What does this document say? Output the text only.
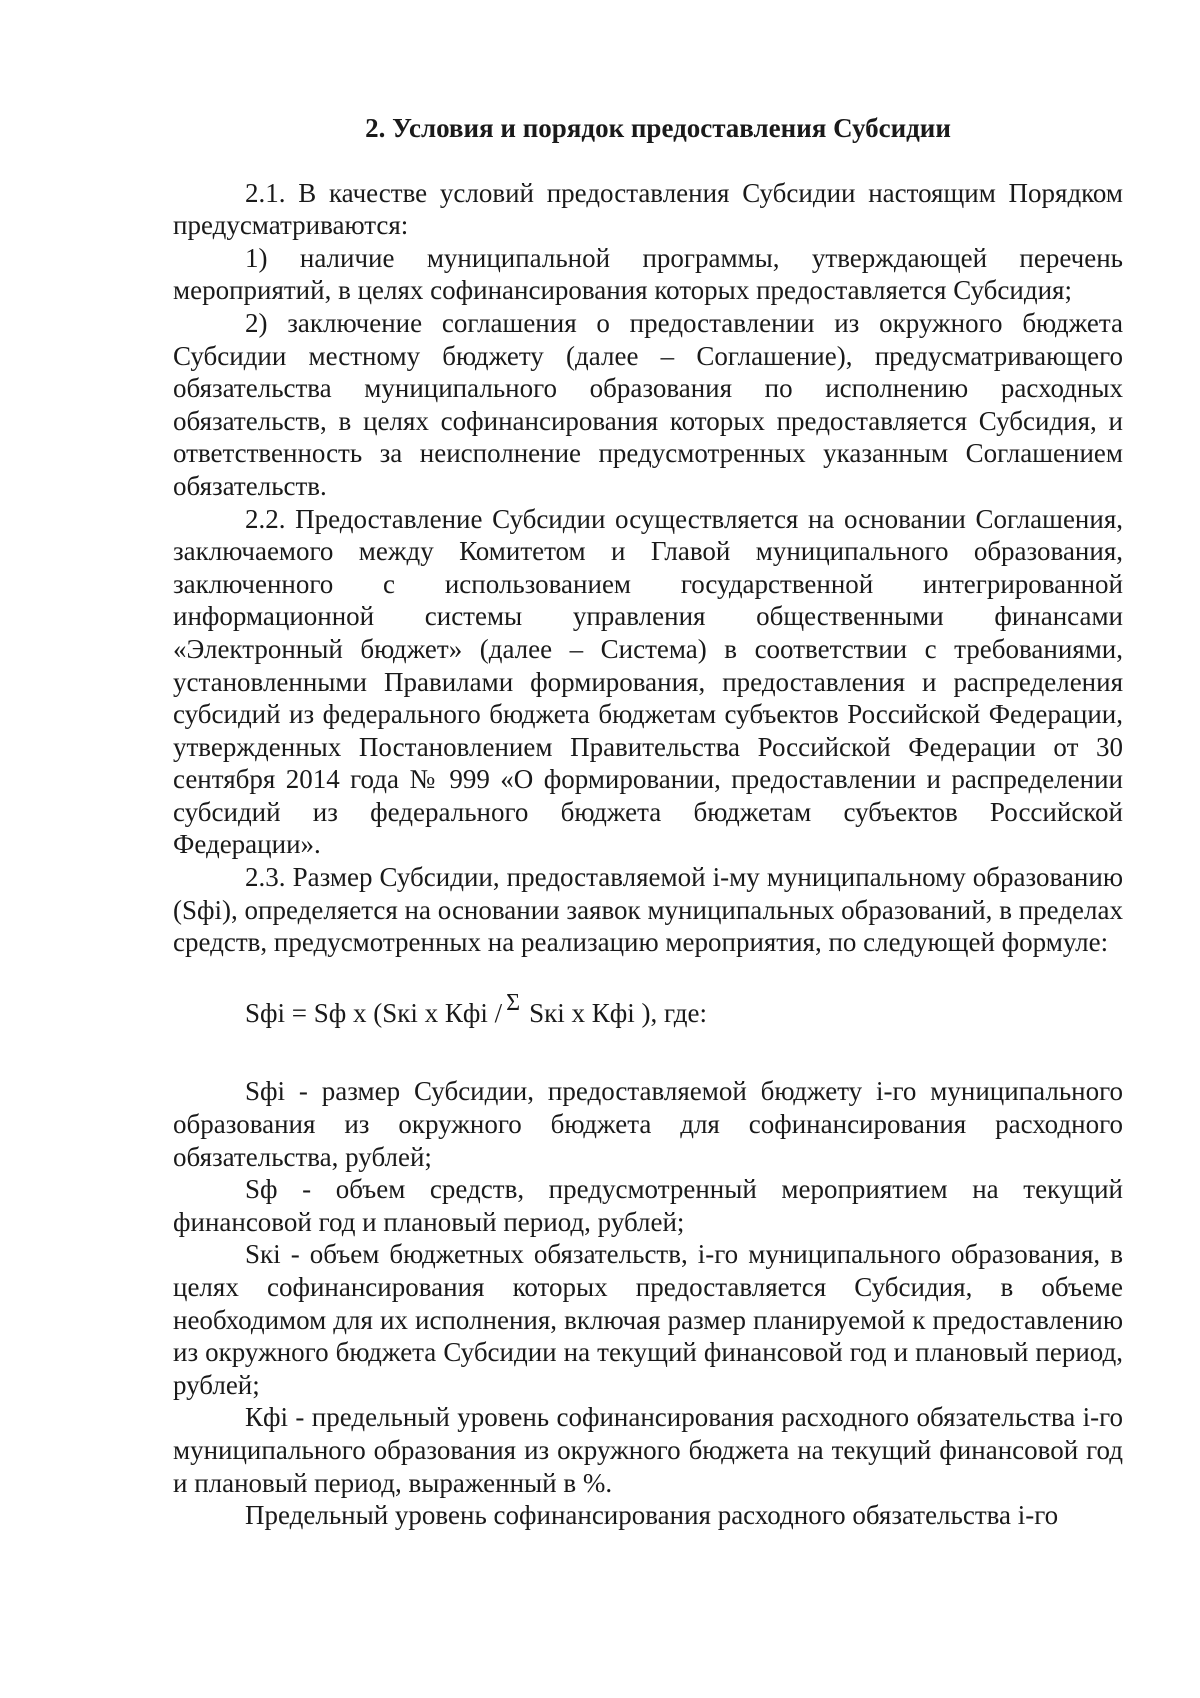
2. Условия и порядок предоставления Субсидии

2.1. В качестве условий предоставления Субсидии настоящим Порядком предусматриваются:

1) наличие муниципальной программы, утверждающей перечень мероприятий, в целях софинансирования которых предоставляется Субсидия;

2) заключение соглашения о предоставлении из окружного бюджета Субсидии местному бюджету (далее – Соглашение), предусматривающего обязательства муниципального образования по исполнению расходных обязательств, в целях софинансирования которых предоставляется Субсидия, и ответственность за неисполнение предусмотренных указанным Соглашением обязательств.

2.2. Предоставление Субсидии осуществляется на основании Соглашения, заключаемого между Комитетом и Главой муниципального образования, заключенного с использованием государственной интегрированной информационной системы управления общественными финансами «Электронный бюджет» (далее – Система) в соответствии с требованиями, установленными Правилами формирования, предоставления и распределения субсидий из федерального бюджета бюджетам субъектов Российской Федерации, утвержденных Постановлением Правительства Российской Федерации от 30 сентября 2014 года № 999 «О формировании, предоставлении и распределении субсидий из федерального бюджета бюджетам субъектов Российской Федерации».

2.3. Размер Субсидии, предоставляемой i-му муниципальному образованию (Sфi), определяется на основании заявок муниципальных образований, в пределах средств, предусмотренных на реализацию мероприятия, по следующей формуле:

Sфi = Sф x (Sкi x Кфi / Σ Sкi x Кфi ), где:

Sфi - размер Субсидии, предоставляемой бюджету i-го муниципального образования из окружного бюджета для софинансирования расходного обязательства, рублей;

Sф - объем средств, предусмотренный мероприятием на текущий финансовой год и плановый период, рублей;

Sкi - объем бюджетных обязательств, i-го муниципального образования, в целях софинансирования которых предоставляется Субсидия, в объеме необходимом для их исполнения, включая размер планируемой к предоставлению из окружного бюджета Субсидии на текущий финансовой год и плановый период, рублей;

Кфi - предельный уровень софинансирования расходного обязательства i-го муниципального образования из окружного бюджета на текущий финансовой год и плановый период, выраженный в %.

Предельный уровень софинансирования расходного обязательства i-го
